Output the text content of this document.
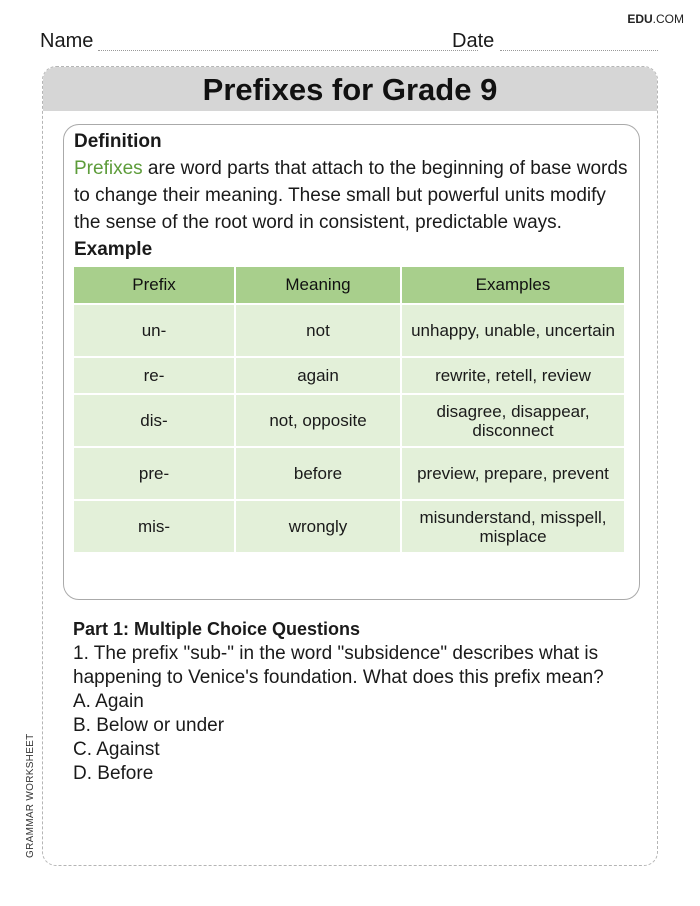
EDU.COM
Name	Date
GRAMMAR WORKSHEET
Prefixes for Grade 9

Definition

Prefixes are word parts that attach to the beginning of base words to change their meaning. These small but powerful units modify the sense of the root word in consistent, predictable ways.

Example

Prefix	Meaning	Examples
un-	not	unhappy, unable, uncertain
re-	again	rewrite, retell, review
dis-	not, opposite	disagree, disappear, disconnect
pre-	before	preview, prepare, prevent
mis-	wrongly	misunderstand, misspell, misplace

Part 1: Multiple Choice Questions

1. The prefix "sub-" in the word "subsidence" describes what is happening to Venice's foundation. What does this prefix mean?

A. Again
B. Below or under
C. Against
D. Before
